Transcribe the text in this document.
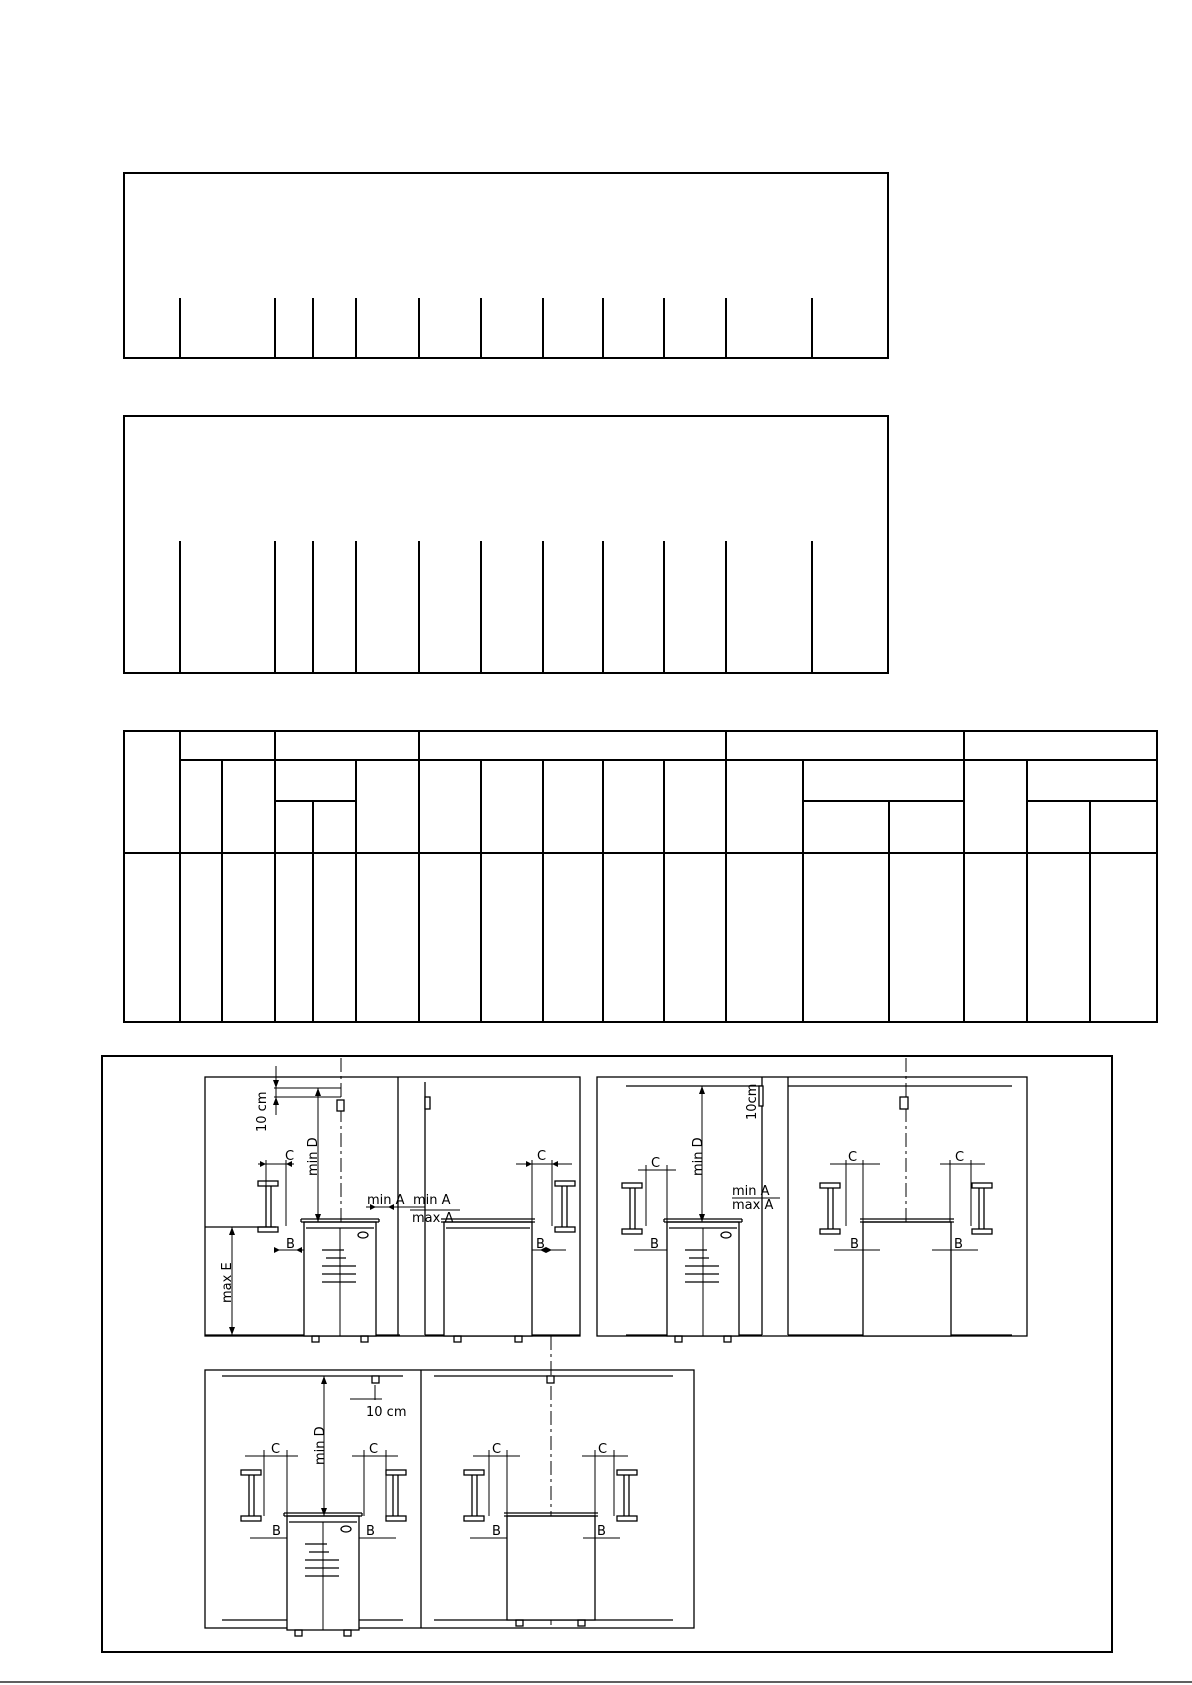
10 cm
min D
C
B
max E
min A
C
B
min A
max A
min D
C
B
min A
max A
10cm
C	C
B	B
min D
10 cm
C	C
B	B
C	C
B	B
